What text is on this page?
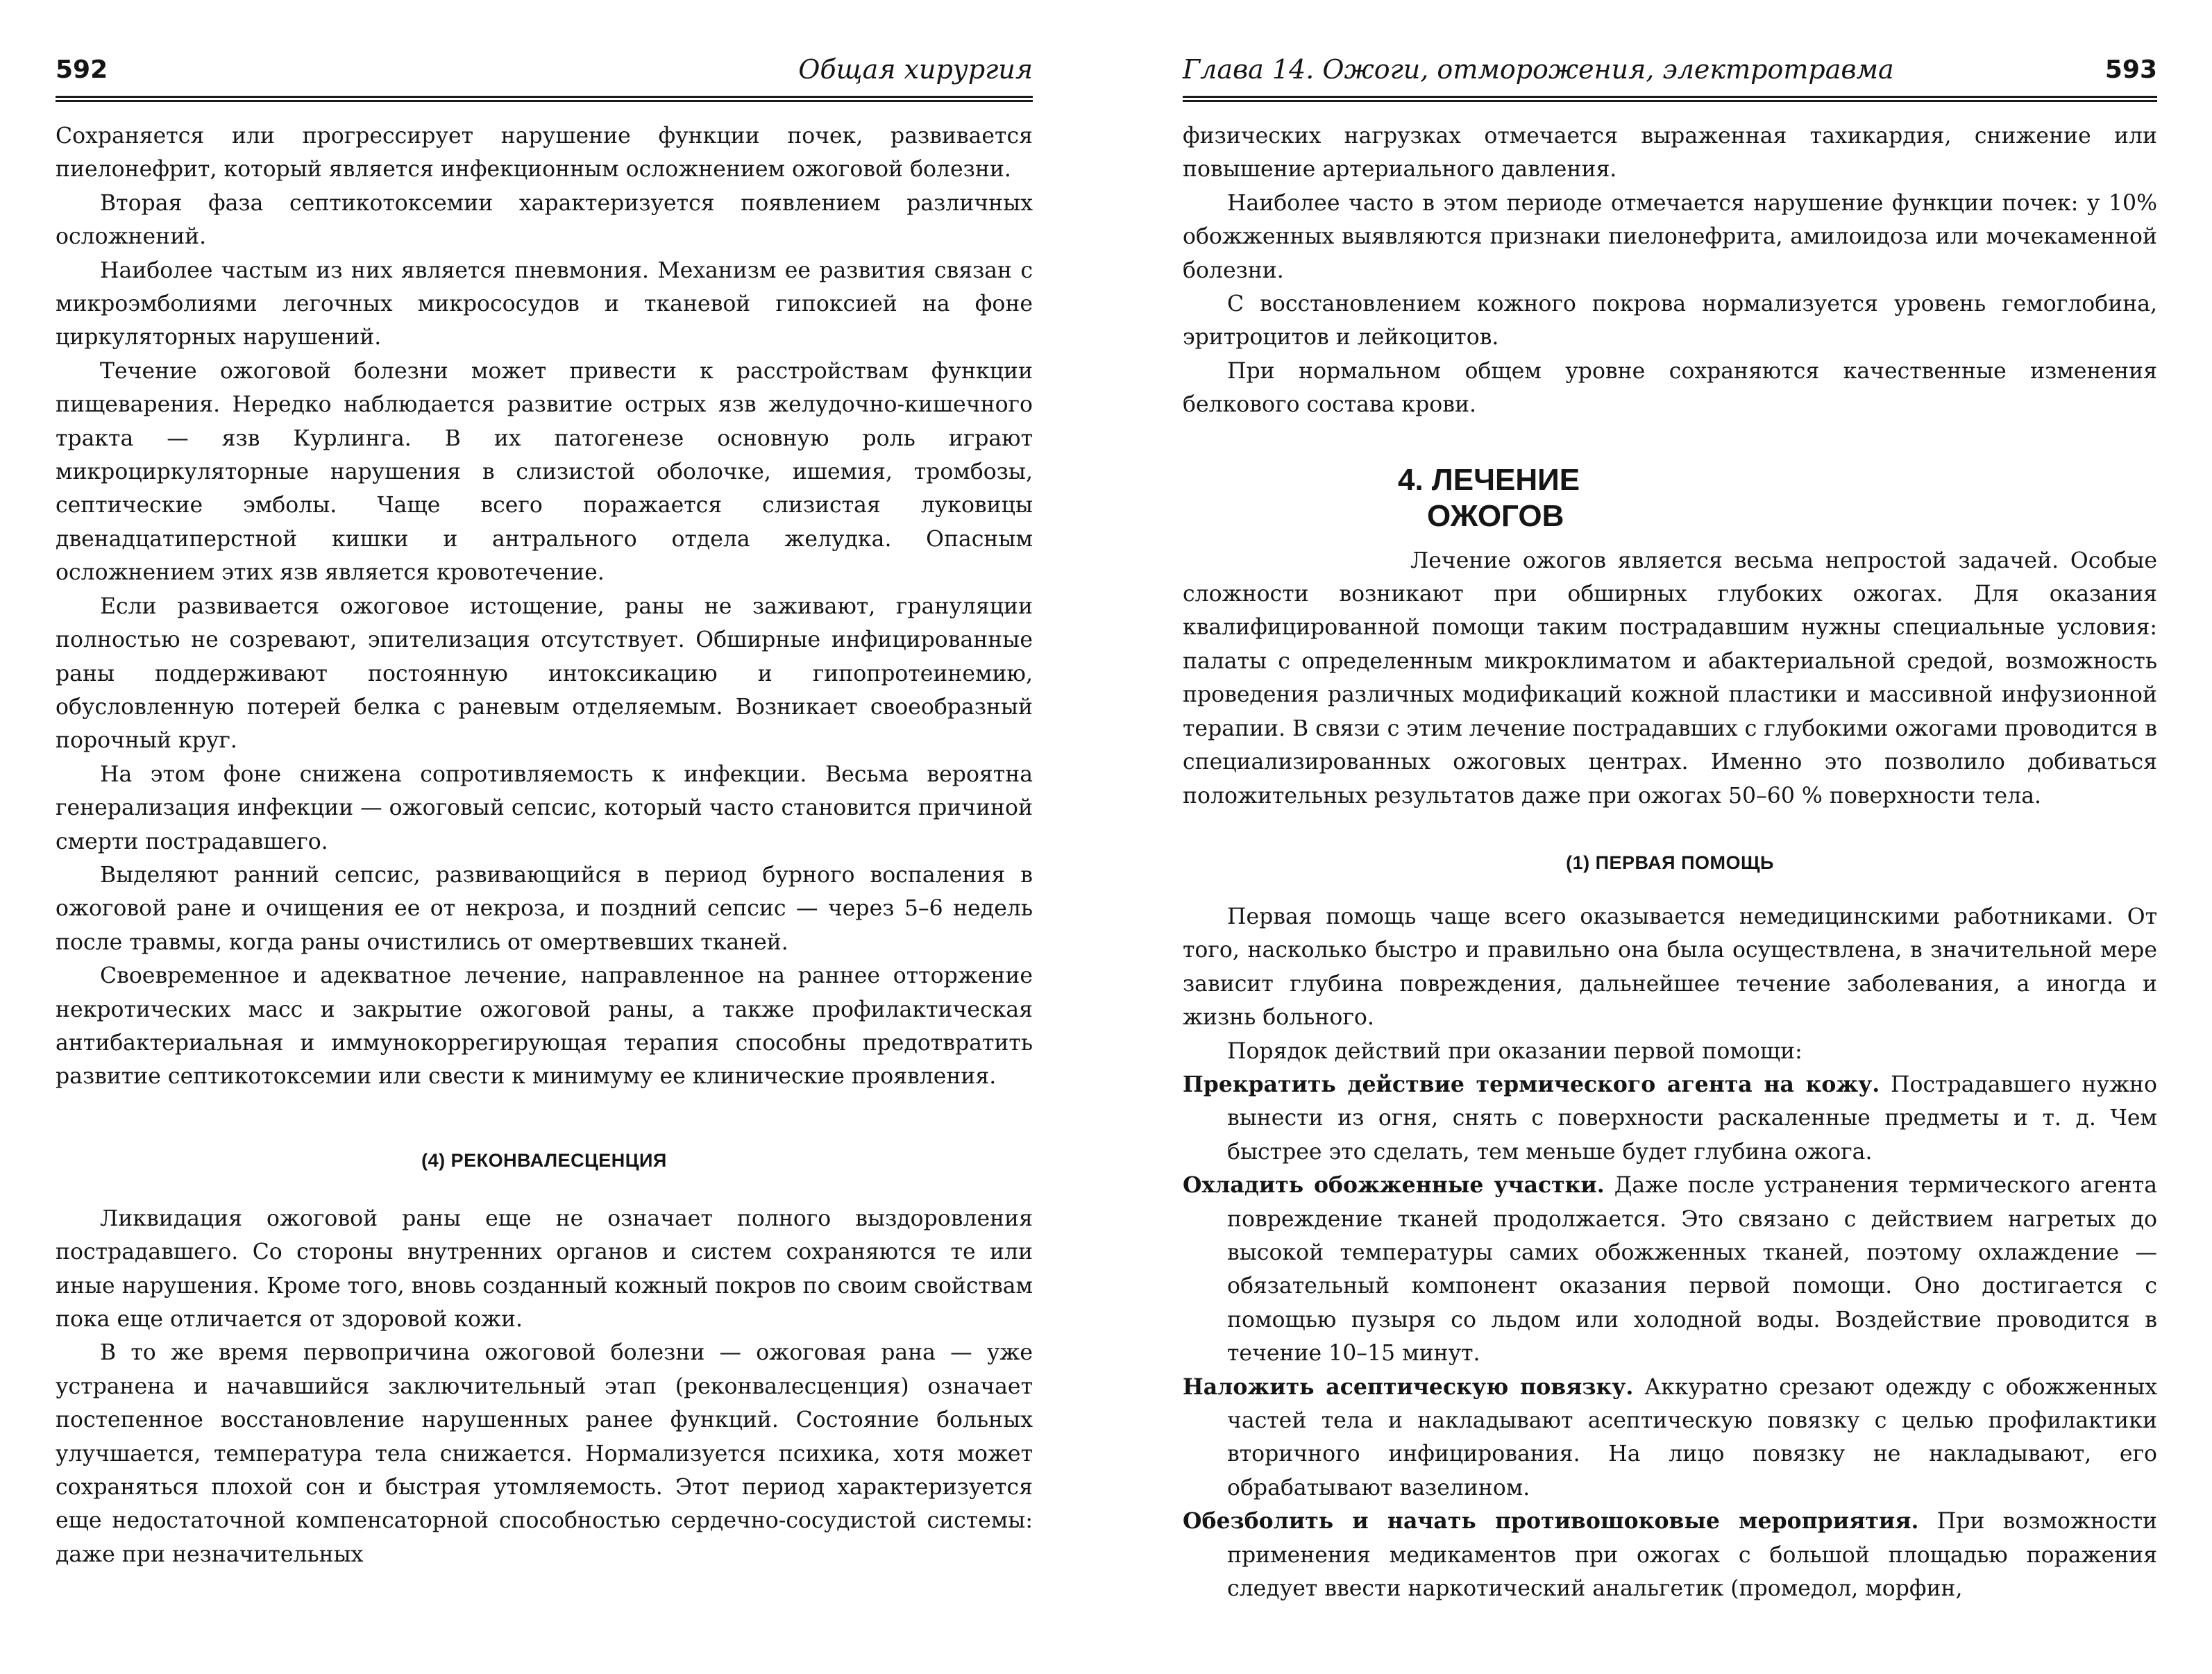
592	Общая хирургия

Сохраняется или прогрессирует нарушение функции почек, развивается пиелонефрит, который является инфекционным осложнением ожоговой болезни.

Вторая фаза септикотоксемии характеризуется появлением различных осложнений.

Наиболее частым из них является пневмония. Механизм ее развития связан с микроэмболиями легочных микрососудов и тканевой гипоксией на фоне циркуляторных нарушений.

Течение ожоговой болезни может привести к расстройствам функции пищеварения. Нередко наблюдается развитие острых язв желудочно-кишечного тракта — язв Курлинга. В их патогенезе основную роль играют микроциркуляторные нарушения в слизистой оболочке, ишемия, тромбозы, септические эмболы. Чаще всего поражается слизистая луковицы двенадцатиперстной кишки и антрального отдела желудка. Опасным осложнением этих язв является кровотечение.

Если развивается ожоговое истощение, раны не заживают, грануляции полностью не созревают, эпителизация отсутствует. Обширные инфицированные раны поддерживают постоянную интоксикацию и гипопротеинемию, обусловленную потерей белка с раневым отделяемым. Возникает своеобразный порочный круг.

На этом фоне снижена сопротивляемость к инфекции. Весьма вероятна генерализация инфекции — ожоговый сепсис, который часто становится причиной смерти пострадавшего.

Выделяют ранний сепсис, развивающийся в период бурного воспаления в ожоговой ране и очищения ее от некроза, и поздний сепсис — через 5–6 недель после травмы, когда раны очистились от омертвевших тканей.

Своевременное и адекватное лечение, направленное на раннее отторжение некротических масс и закрытие ожоговой раны, а также профилактическая антибактериальная и иммунокоррегирующая терапия способны предотвратить развитие септикотоксемии или свести к минимуму ее клинические проявления.

(4) РЕКОНВАЛЕСЦЕНЦИЯ

Ликвидация ожоговой раны еще не означает полного выздоровления пострадавшего. Со стороны внутренних органов и систем сохраняются те или иные нарушения. Кроме того, вновь созданный кожный покров по своим свойствам пока еще отличается от здоровой кожи.

В то же время первопричина ожоговой болезни — ожоговая рана — уже устранена и начавшийся заключительный этап (реконвалесценция) означает постепенное восстановление нарушенных ранее функций. Состояние больных улучшается, температура тела снижается. Нормализуется психика, хотя может сохраняться плохой сон и быстрая утомляемость. Этот период характеризуется еще недостаточной компенсаторной способностью сердечно-сосудистой системы: даже при незначительных

Глава 14. Ожоги, отморожения, электротравма	593

физических нагрузках отмечается выраженная тахикардия, снижение или повышение артериального давления.

Наиболее часто в этом периоде отмечается нарушение функции почек: у 10% обожженных выявляются признаки пиелонефрита, амилоидоза или мочекаменной болезни.

С восстановлением кожного покрова нормализуется уровень гемоглобина, эритроцитов и лейкоцитов.

При нормальном общем уровне сохраняются качественные изменения белкового состава крови.

4. ЛЕЧЕНИЕ
ОЖОГОВ

Лечение ожогов является весьма непростой задачей. Особые сложности возникают при обширных глубоких ожогах. Для оказания квалифицированной помощи таким пострадавшим нужны специальные условия: палаты с определенным микроклиматом и абактериальной средой, возможность проведения различных модификаций кожной пластики и массивной инфузионной терапии. В связи с этим лечение пострадавших с глубокими ожогами проводится в специализированных ожоговых центрах. Именно это позволило добиваться положительных результатов даже при ожогах 50–60 % поверхности тела.

(1) ПЕРВАЯ ПОМОЩЬ

Первая помощь чаще всего оказывается немедицинскими работниками. От того, насколько быстро и правильно она была осуществлена, в значительной мере зависит глубина повреждения, дальнейшее течение заболевания, а иногда и жизнь больного.

Порядок действий при оказании первой помощи:

Прекратить действие термического агента на кожу. Пострадавшего нужно вынести из огня, снять с поверхности раскаленные предметы и т. д. Чем быстрее это сделать, тем меньше будет глубина ожога.

Охладить обожженные участки. Даже после устранения термического агента повреждение тканей продолжается. Это связано с действием нагретых до высокой температуры самих обожженных тканей, поэтому охлаждение — обязательный компонент оказания первой помощи. Оно достигается с помощью пузыря со льдом или холодной воды. Воздействие проводится в течение 10–15 минут.

Наложить асептическую повязку. Аккуратно срезают одежду с обожженных частей тела и накладывают асептическую повязку с целью профилактики вторичного инфицирования. На лицо повязку не накладывают, его обрабатывают вазелином.

Обезболить и начать противошоковые мероприятия. При возможности применения медикаментов при ожогах с большой площадью поражения следует ввести наркотический анальгетик (промедол, морфин,
